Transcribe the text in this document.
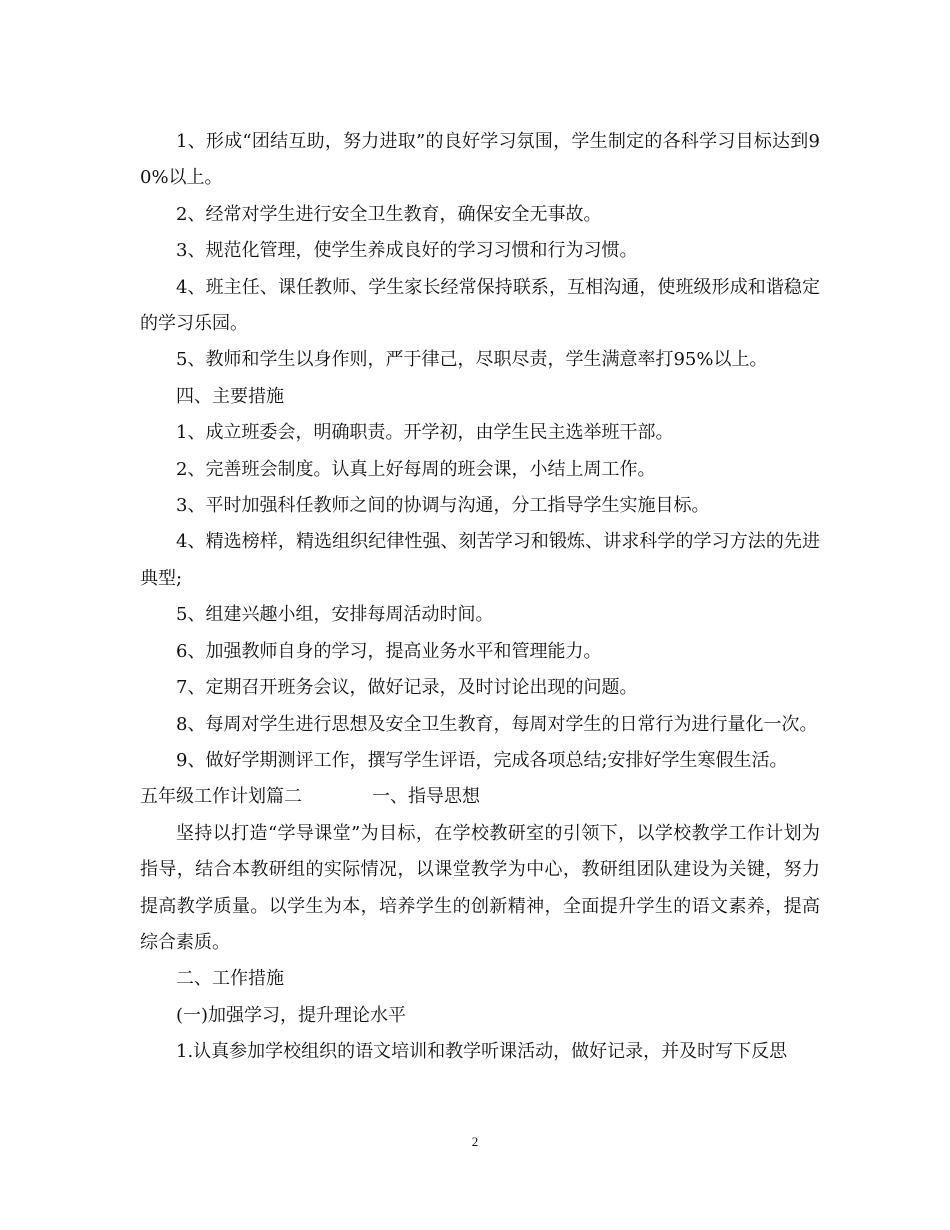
1、形成“团结互助，努力进取”的良好学习氛围，学生制定的各科学习目标达到90%以上。

2、经常对学生进行安全卫生教育，确保安全无事故。

3、规范化管理，使学生养成良好的学习习惯和行为习惯。

4、班主任、课任教师、学生家长经常保持联系，互相沟通，使班级形成和谐稳定的学习乐园。

5、教师和学生以身作则，严于律己，尽职尽责，学生满意率打95%以上。

四、主要措施

1、成立班委会，明确职责。开学初，由学生民主选举班干部。

2、完善班会制度。认真上好每周的班会课，小结上周工作。

3、平时加强科任教师之间的协调与沟通，分工指导学生实施目标。

4、精选榜样，精选组织纪律性强、刻苦学习和锻炼、讲求科学的学习方法的先进典型;

5、组建兴趣小组，安排每周活动时间。

6、加强教师自身的学习，提高业务水平和管理能力。

7、定期召开班务会议，做好记录，及时讨论出现的问题。

8、每周对学生进行思想及安全卫生教育，每周对学生的日常行为进行量化一次。

9、做好学期测评工作，撰写学生评语，完成各项总结;安排好学生寒假生活。

五年级工作计划篇二	一、指导思想

坚持以打造“学导课堂”为目标，在学校教研室的引领下，以学校教学工作计划为指导，结合本教研组的实际情况，以课堂教学为中心，教研组团队建设为关键，努力提高教学质量。以学生为本，培养学生的创新精神，全面提升学生的语文素养，提高综合素质。

二、工作措施

(一)加强学习，提升理论水平

1.认真参加学校组织的语文培训和教学听课活动，做好记录，并及时写下反思

2
